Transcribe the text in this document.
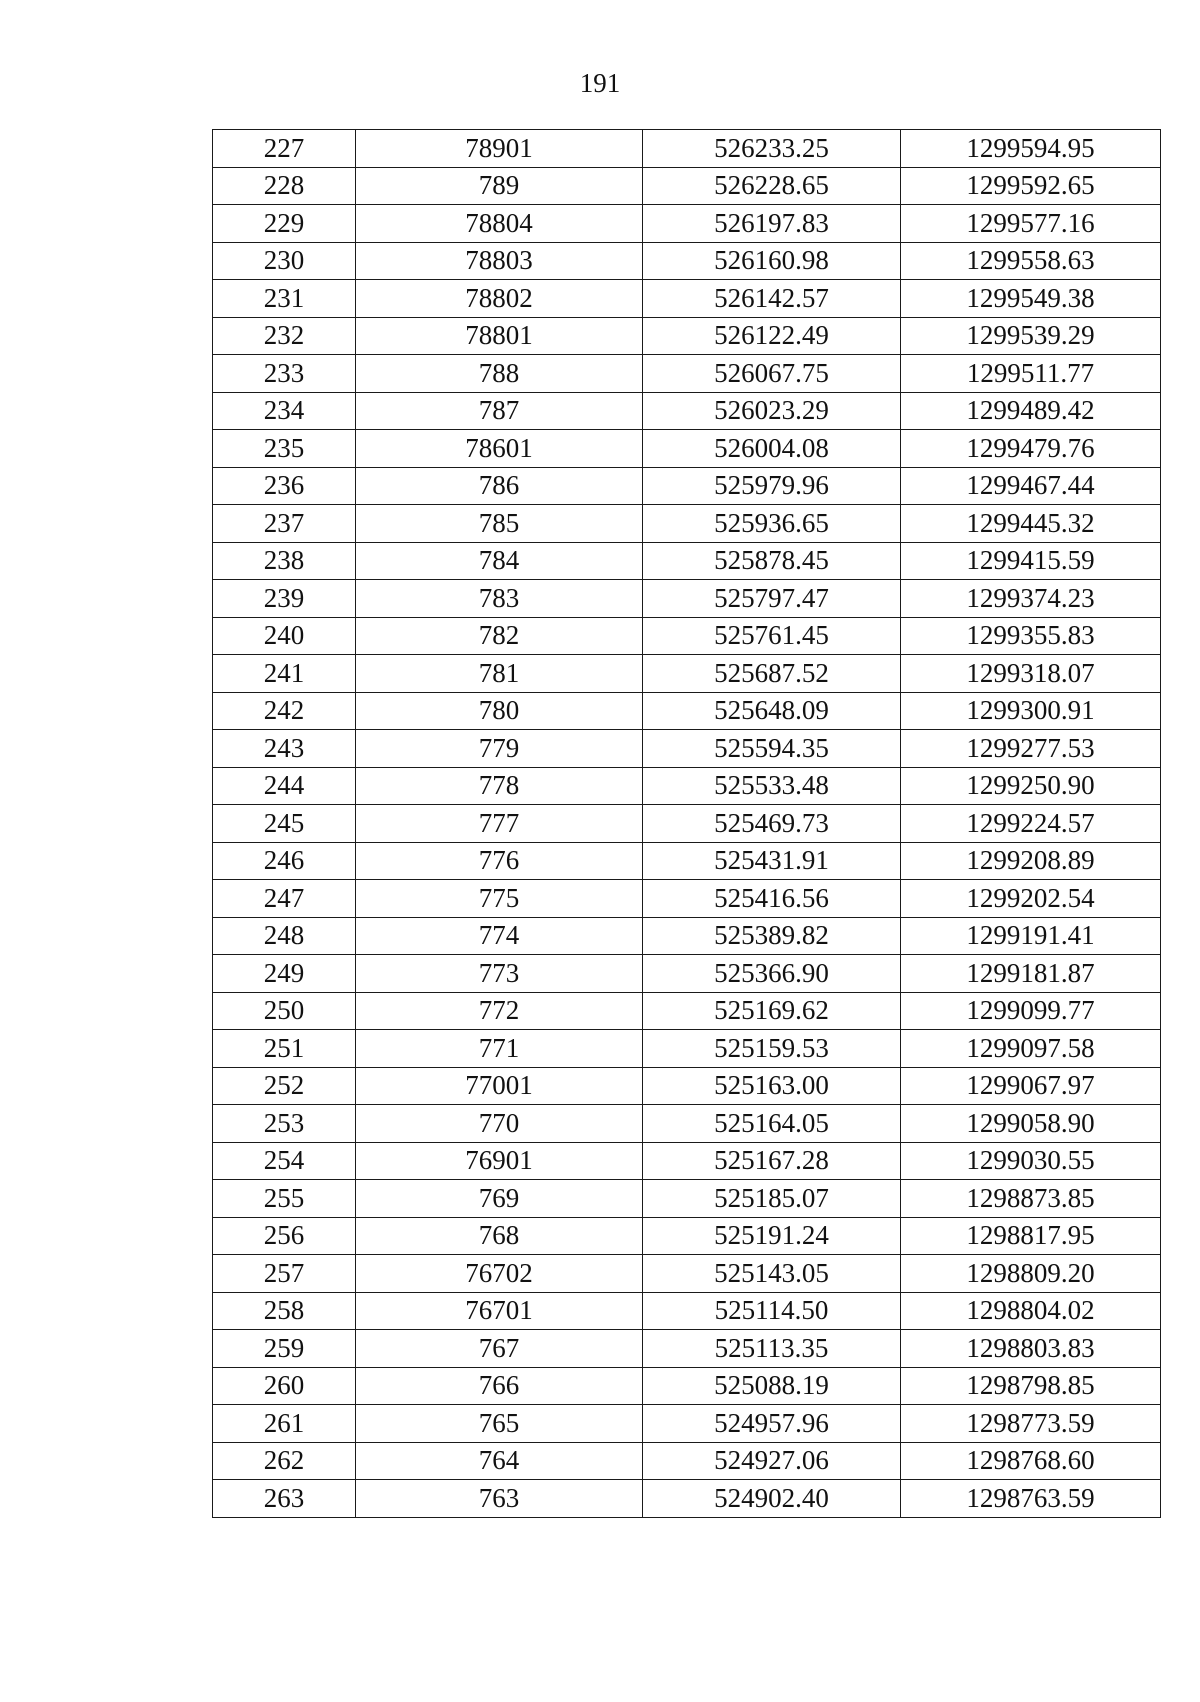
191
227	78901	526233.25	1299594.95
228	789	526228.65	1299592.65
229	78804	526197.83	1299577.16
230	78803	526160.98	1299558.63
231	78802	526142.57	1299549.38
232	78801	526122.49	1299539.29
233	788	526067.75	1299511.77
234	787	526023.29	1299489.42
235	78601	526004.08	1299479.76
236	786	525979.96	1299467.44
237	785	525936.65	1299445.32
238	784	525878.45	1299415.59
239	783	525797.47	1299374.23
240	782	525761.45	1299355.83
241	781	525687.52	1299318.07
242	780	525648.09	1299300.91
243	779	525594.35	1299277.53
244	778	525533.48	1299250.90
245	777	525469.73	1299224.57
246	776	525431.91	1299208.89
247	775	525416.56	1299202.54
248	774	525389.82	1299191.41
249	773	525366.90	1299181.87
250	772	525169.62	1299099.77
251	771	525159.53	1299097.58
252	77001	525163.00	1299067.97
253	770	525164.05	1299058.90
254	76901	525167.28	1299030.55
255	769	525185.07	1298873.85
256	768	525191.24	1298817.95
257	76702	525143.05	1298809.20
258	76701	525114.50	1298804.02
259	767	525113.35	1298803.83
260	766	525088.19	1298798.85
261	765	524957.96	1298773.59
262	764	524927.06	1298768.60
263	763	524902.40	1298763.59
